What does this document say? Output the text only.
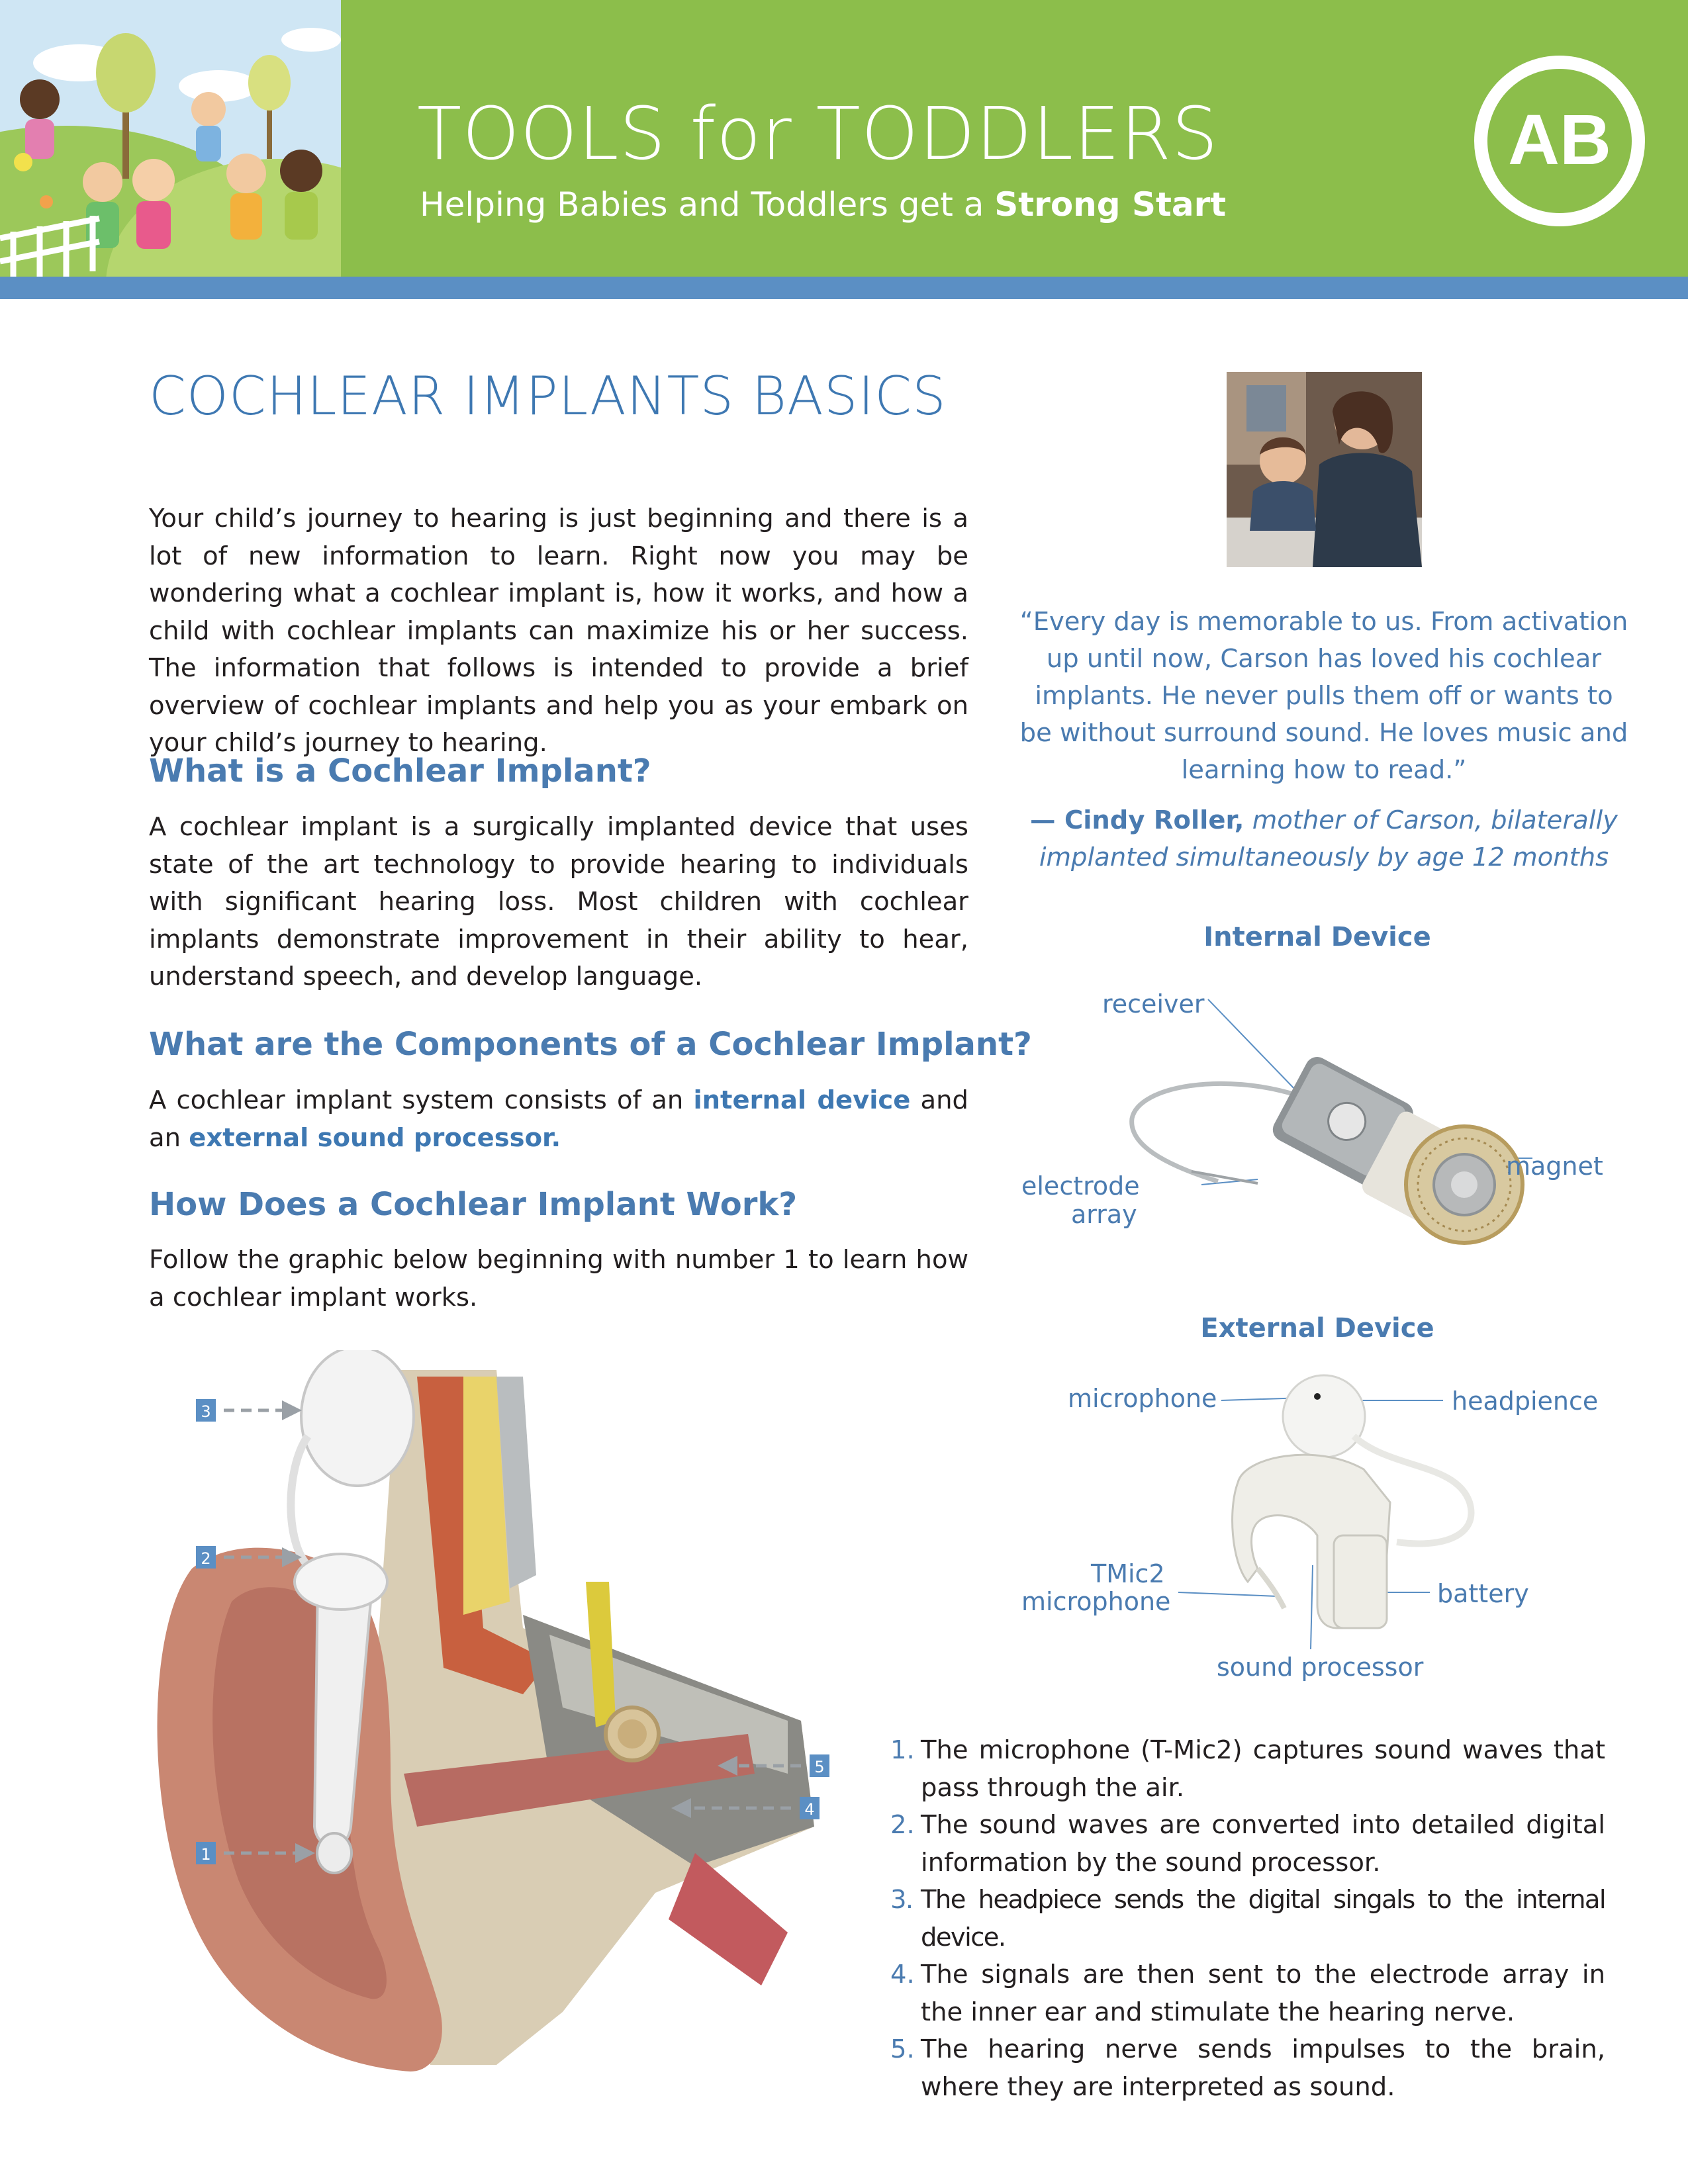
TOOLS for TODDLERS
Helping Babies and Toddlers get a Strong Start
AB
COCHLEAR IMPLANTS BASICS
Your child’s journey to hearing is just beginning and there is a lot of new information to learn. Right now you may be wondering what a cochlear implant is, how it works, and how a child with cochlear implants can maximize his or her success. The information that follows is intended to provide a brief overview of cochlear implants and help you as your embark on your child’s journey to hearing.
What is a Cochlear Implant?
A cochlear implant is a surgically implanted device that uses state of the art technology to provide hearing to individuals with significant hearing loss. Most children with cochlear implants demonstrate improvement in their ability to hear, understand speech, and develop language.
What are the Components of a Cochlear Implant?
A cochlear implant system consists of an internal device and an external sound processor.
How Does a Cochlear Implant Work?
Follow the graphic below beginning with number 1 to learn how a cochlear implant works.
3
2
1
5
4
“Every day is memorable to us. From activation up until now, Carson has loved his cochlear implants. He never pulls them off or wants to be without surround sound. He loves music and learning how to read.”
— Cindy Roller, mother of Carson, bilaterally implanted simultaneously by age 12 months
Internal Device
receiver
magnet
electrode
array
External Device
microphone	headpience
TMic2
microphone	battery
sound processor
1. The microphone (T-Mic2) captures sound waves that pass through the air.
2. The sound waves are converted into detailed digital information by the sound processor.
3. The headpiece sends the digital singals to the internal device.
4. The signals are then sent to the electrode array in the inner ear and stimulate the hearing nerve.
5. The hearing nerve sends impulses to the brain, where they are interpreted as sound.
